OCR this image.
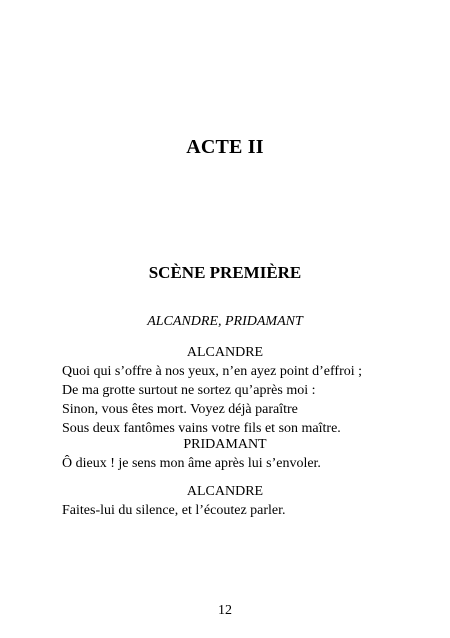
ACTE II
SCÈNE PREMIÈRE
ALCANDRE, PRIDAMANT
ALCANDRE
Quoi qui s’offre à nos yeux, n’en ayez point d’effroi ;
De ma grotte surtout ne sortez qu’après moi :
Sinon, vous êtes mort. Voyez déjà paraître
Sous deux fantômes vains votre fils et son maître.
PRIDAMANT
Ô dieux ! je sens mon âme après lui s’envoler.
ALCANDRE
Faites-lui du silence, et l’écoutez parler.
12
